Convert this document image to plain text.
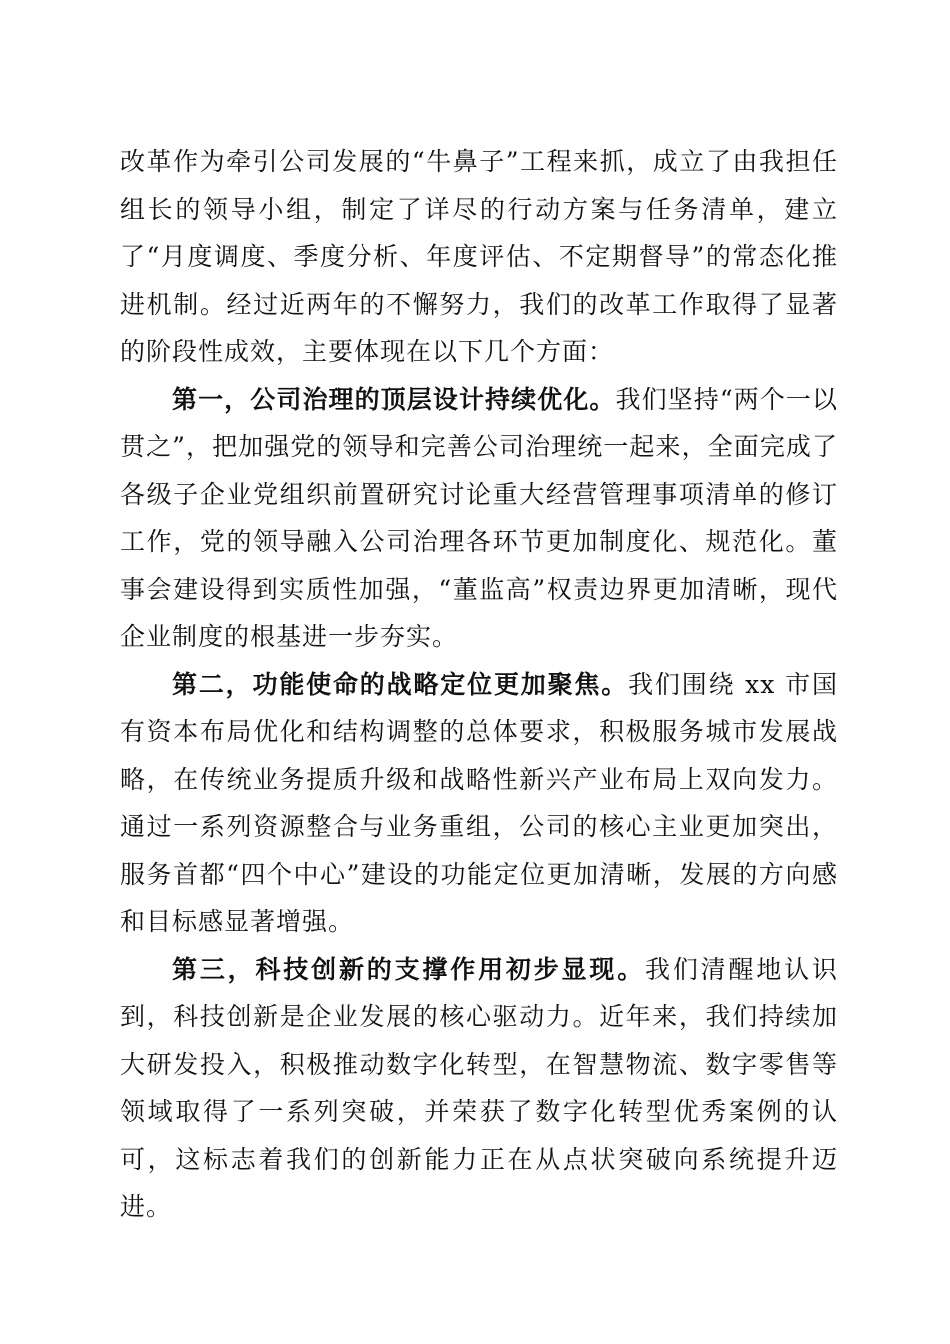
改革作为牵引公司发展的“牛鼻子”工程来抓，成立了由我担任组长的领导小组，制定了详尽的行动方案与任务清单，建立了“月度调度、季度分析、年度评估、不定期督导”的常态化推进机制。经过近两年的不懈努力，我们的改革工作取得了显著的阶段性成效，主要体现在以下几个方面：

第一，公司治理的顶层设计持续优化。我们坚持“两个一以贯之”，把加强党的领导和完善公司治理统一起来，全面完成了各级子企业党组织前置研究讨论重大经营管理事项清单的修订工作，党的领导融入公司治理各环节更加制度化、规范化。董事会建设得到实质性加强，“董监高”权责边界更加清晰，现代企业制度的根基进一步夯实。

第二，功能使命的战略定位更加聚焦。我们围绕 xx 市国有资本布局优化和结构调整的总体要求，积极服务城市发展战略，在传统业务提质升级和战略性新兴产业布局上双向发力。通过一系列资源整合与业务重组，公司的核心主业更加突出，服务首都“四个中心”建设的功能定位更加清晰，发展的方向感和目标感显著增强。

第三，科技创新的支撑作用初步显现。我们清醒地认识到，科技创新是企业发展的核心驱动力。近年来，我们持续加大研发投入，积极推动数字化转型，在智慧物流、数字零售等领域取得了一系列突破，并荣获了数字化转型优秀案例的认可，这标志着我们的创新能力正在从点状突破向系统提升迈进。
